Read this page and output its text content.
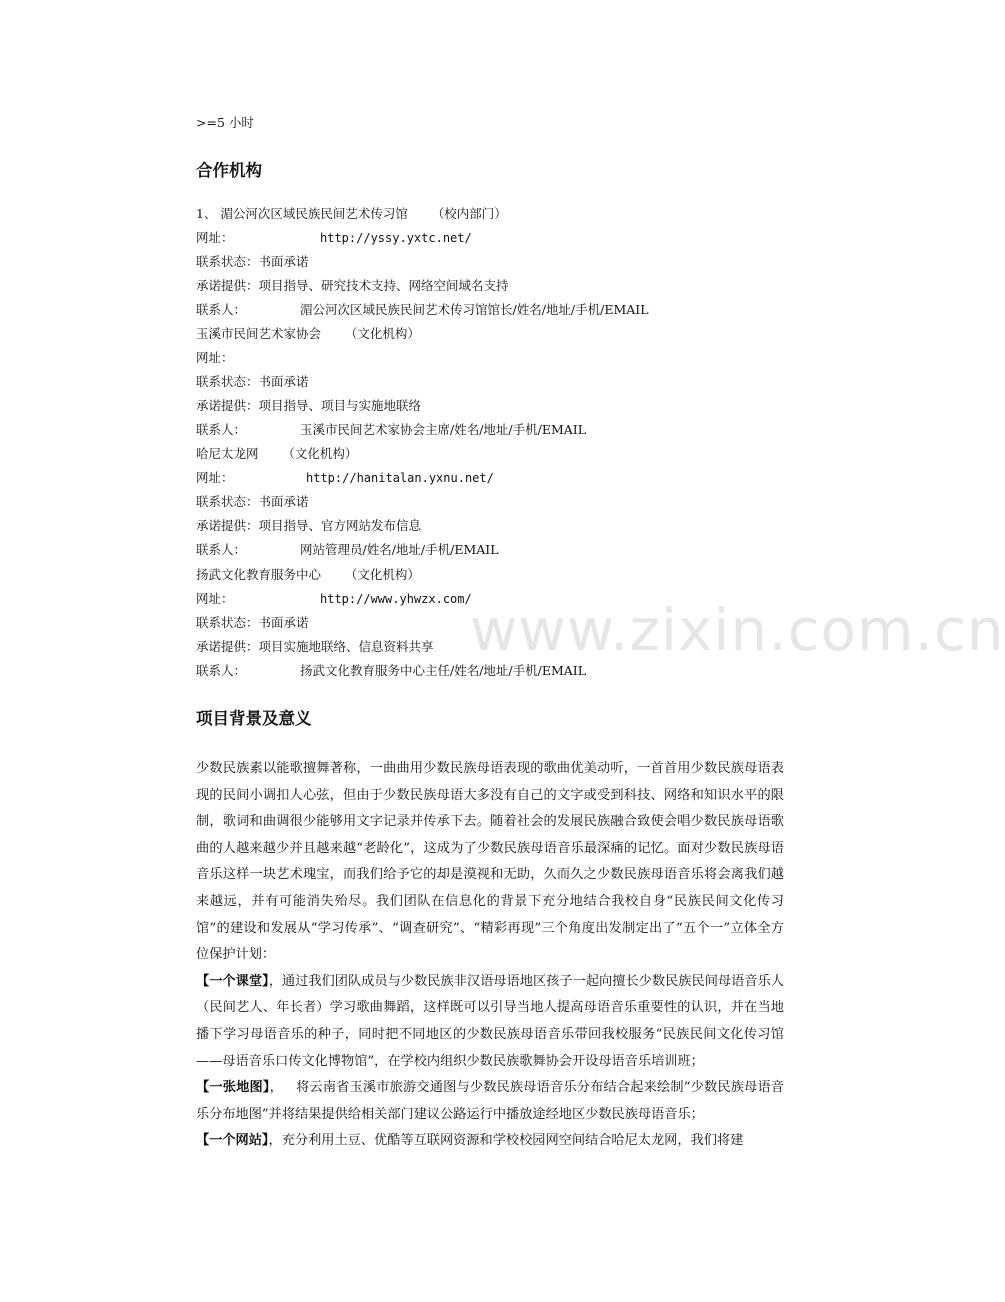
www.zixin.com.cn
>=5 小时
合作机构
1、 湄公河次区域民族民间艺术传习馆 （校内部门）
网址：	http://yssy.yxtc.net/
联系状态：书面承诺
承诺提供：项目指导、研究技术支持、网络空间域名支持
联系人：	湄公河次区域民族民间艺术传习馆馆长/姓名/地址/手机/EMAIL
玉溪市民间艺术家协会 （文化机构）
网址：
联系状态：书面承诺
承诺提供：项目指导、项目与实施地联络
联系人：	玉溪市民间艺术家协会主席/姓名/地址/手机/EMAIL
哈尼太龙网 （文化机构）
网址：	http://hanitalan.yxnu.net/
联系状态：书面承诺
承诺提供：项目指导、官方网站发布信息
联系人：	网站管理员/姓名/地址/手机/EMAIL
扬武文化教育服务中心 （文化机构）
网址：	http://www.yhwzx.com/
联系状态：书面承诺
承诺提供：项目实施地联络、信息资料共享
联系人：	扬武文化教育服务中心主任/姓名/地址/手机/EMAIL
项目背景及意义

少数民族素以能歌擅舞著称，一曲曲用少数民族母语表现的歌曲优美动听，一首首用少数民族母语表现的民间小调扣人心弦，但由于少数民族母语大多没有自己的文字或受到科技、网络和知识水平的限制，歌词和曲调很少能够用文字记录并传承下去。随着社会的发展民族融合致使会唱少数民族母语歌曲的人越来越少并且越来越“老龄化”，这成为了少数民族母语音乐最深痛的记忆。面对少数民族母语音乐这样一块艺术瑰宝，而我们给予它的却是漠视和无助，久而久之少数民族母语音乐将会离我们越来越远，并有可能消失殆尽。我们团队在信息化的背景下充分地结合我校自身“民族民间文化传习馆”的建设和发展从“学习传承”、“调查研究”、“精彩再现”三个角度出发制定出了“五个一”立体全方位保护计划：

【一个课堂】，通过我们团队成员与少数民族非汉语母语地区孩子一起向擅长少数民族民间母语音乐人（民间艺人、年长者）学习歌曲舞蹈，这样既可以引导当地人提高母语音乐重要性的认识，并在当地播下学习母语音乐的种子，同时把不同地区的少数民族母语音乐带回我校服务“民族民间文化传习馆——母语音乐口传文化博物馆”，在学校内组织少数民族歌舞协会开设母语音乐培训班；

【一张地图】，   将云南省玉溪市旅游交通图与少数民族母语音乐分布结合起来绘制“少数民族母语音乐分布地图”并将结果提供给相关部门建议公路运行中播放途经地区少数民族母语音乐；

【一个网站】，充分利用土豆、优酷等互联网资源和学校校园网空间结合哈尼太龙网，我们将建
